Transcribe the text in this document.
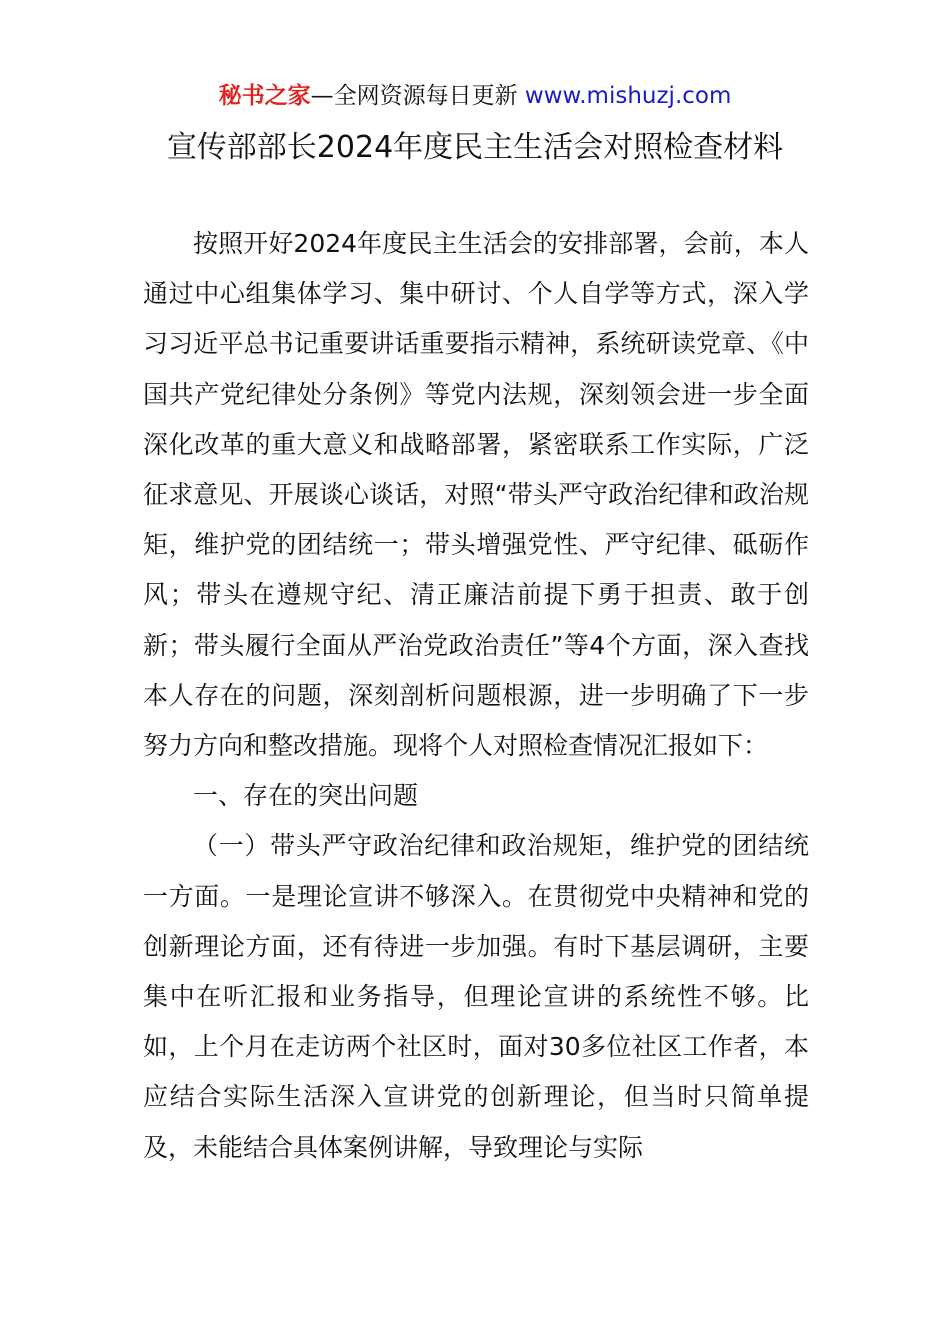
秘书之家—全网资源每日更新 www.mishuzj.com
宣传部部长2024年度民主生活会对照检查材料

按照开好2024年度民主生活会的安排部署，会前，本人通过中心组集体学习、集中研讨、个人自学等方式，深入学习习近平总书记重要讲话重要指示精神，系统研读党章、《中国共产党纪律处分条例》等党内法规，深刻领会进一步全面深化改革的重大意义和战略部署，紧密联系工作实际，广泛征求意见、开展谈心谈话，对照“带头严守政治纪律和政治规矩，维护党的团结统一；带头增强党性、严守纪律、砥砺作风；带头在遵规守纪、清正廉洁前提下勇于担责、敢于创新；带头履行全面从严治党政治责任”等4个方面，深入查找本人存在的问题，深刻剖析问题根源，进一步明确了下一步努力方向和整改措施。现将个人对照检查情况汇报如下：

一、存在的突出问题

（一）带头严守政治纪律和政治规矩，维护党的团结统一方面。一是理论宣讲不够深入。在贯彻党中央精神和党的创新理论方面，还有待进一步加强。有时下基层调研，主要集中在听汇报和业务指导，但理论宣讲的系统性不够。比如，上个月在走访两个社区时，面对30多位社区工作者，本应结合实际生活深入宣讲党的创新理论，但当时只简单提及，未能结合具体案例讲解，导致理论与实际
